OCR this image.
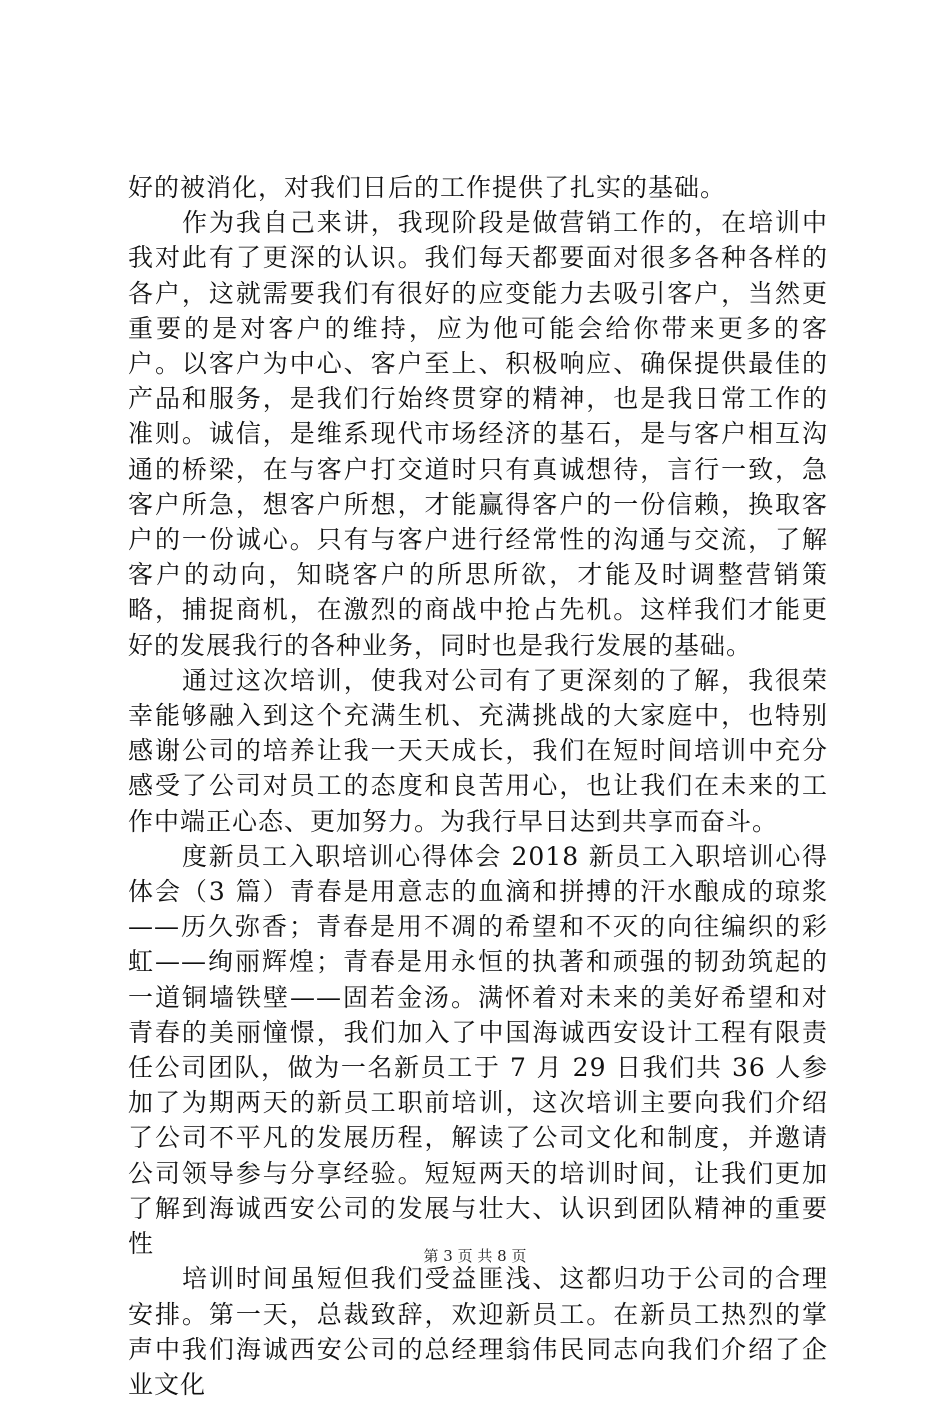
好的被消化，对我们日后的工作提供了扎实的基础。

作为我自己来讲，我现阶段是做营销工作的，在培训中我对此有了更深的认识。我们每天都要面对很多各种各样的各户，这就需要我们有很好的应变能力去吸引客户，当然更重要的是对客户的维持，应为他可能会给你带来更多的客户。以客户为中心、客户至上、积极响应、确保提供最佳的产品和服务，是我们行始终贯穿的精神，也是我日常工作的准则。诚信，是维系现代市场经济的基石，是与客户相互沟通的桥梁，在与客户打交道时只有真诚想待，言行一致，急客户所急，想客户所想，才能赢得客户的一份信赖，换取客户的一份诚心。只有与客户进行经常性的沟通与交流，了解客户的动向，知晓客户的所思所欲，才能及时调整营销策略，捕捉商机，在激烈的商战中抢占先机。这样我们才能更好的发展我行的各种业务，同时也是我行发展的基础。

通过这次培训，使我对公司有了更深刻的了解，我很荣幸能够融入到这个充满生机、充满挑战的大家庭中，也特别感谢公司的培养让我一天天成长，我们在短时间培训中充分感受了公司对员工的态度和良苦用心，也让我们在未来的工作中端正心态、更加努力。为我行早日达到共享而奋斗。

度新员工入职培训心得体会 2018 新员工入职培训心得体会（3 篇）青春是用意志的血滴和拼搏的汗水酿成的琼浆——历久弥香；青春是用不凋的希望和不灭的向往编织的彩虹——绚丽辉煌；青春是用永恒的执著和顽强的韧劲筑起的一道铜墙铁壁——固若金汤。满怀着对未来的美好希望和对青春的美丽憧憬，我们加入了中国海诚西安设计工程有限责任公司团队，做为一名新员工于 7 月 29 日我们共 36 人参加了为期两天的新员工职前培训，这次培训主要向我们介绍了公司不平凡的发展历程，解读了公司文化和制度，并邀请公司领导参与分享经验。短短两天的培训时间，让我们更加了解到海诚西安公司的发展与壮大、认识到团队精神的重要性

培训时间虽短但我们受益匪浅、这都归功于公司的合理安排。第一天，总裁致辞，欢迎新员工。在新员工热烈的掌声中我们海诚西安公司的总经理翁伟民同志向我们介绍了企业文化

第 3 页 共 8 页
